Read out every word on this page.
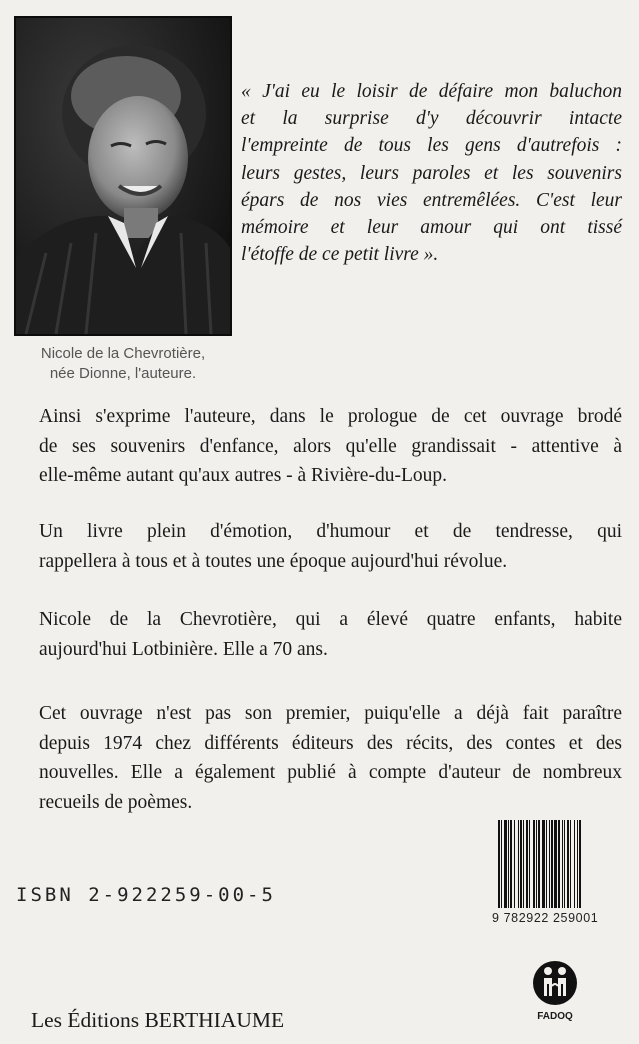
Nicole de la Chevrotière,
née Dionne, l'auteure.
« J'ai eu le loisir de défaire mon baluchon
et la surprise d'y découvrir intacte
l'empreinte de tous les gens d'autrefois :
leurs gestes, leurs paroles et les souvenirs
épars de nos vies entremêlées. C'est leur
mémoire et leur amour qui ont tissé
l'étoffe de ce petit livre ».
Ainsi s'exprime l'auteure, dans le prologue de cet ouvrage brodé
de ses souvenirs d'enfance, alors qu'elle grandissait - attentive à
elle-même autant qu'aux autres - à Rivière-du-Loup.
Un livre plein d'émotion, d'humour et de tendresse, qui
rappellera à tous et à toutes une époque aujourd'hui révolue.
Nicole de la Chevrotière, qui a élevé quatre enfants, habite
aujourd'hui Lotbinière. Elle a 70 ans.
Cet ouvrage n'est pas son premier, puiqu'elle a déjà fait paraître
depuis 1974 chez différents éditeurs des récits, des contes et des
nouvelles. Elle a également publié à compte d'auteur de nombreux
recueils de poèmes.
ISBN 2-922259-00-5
9 782922 259001
FADOQ
Les Éditions BERTHIAUME
